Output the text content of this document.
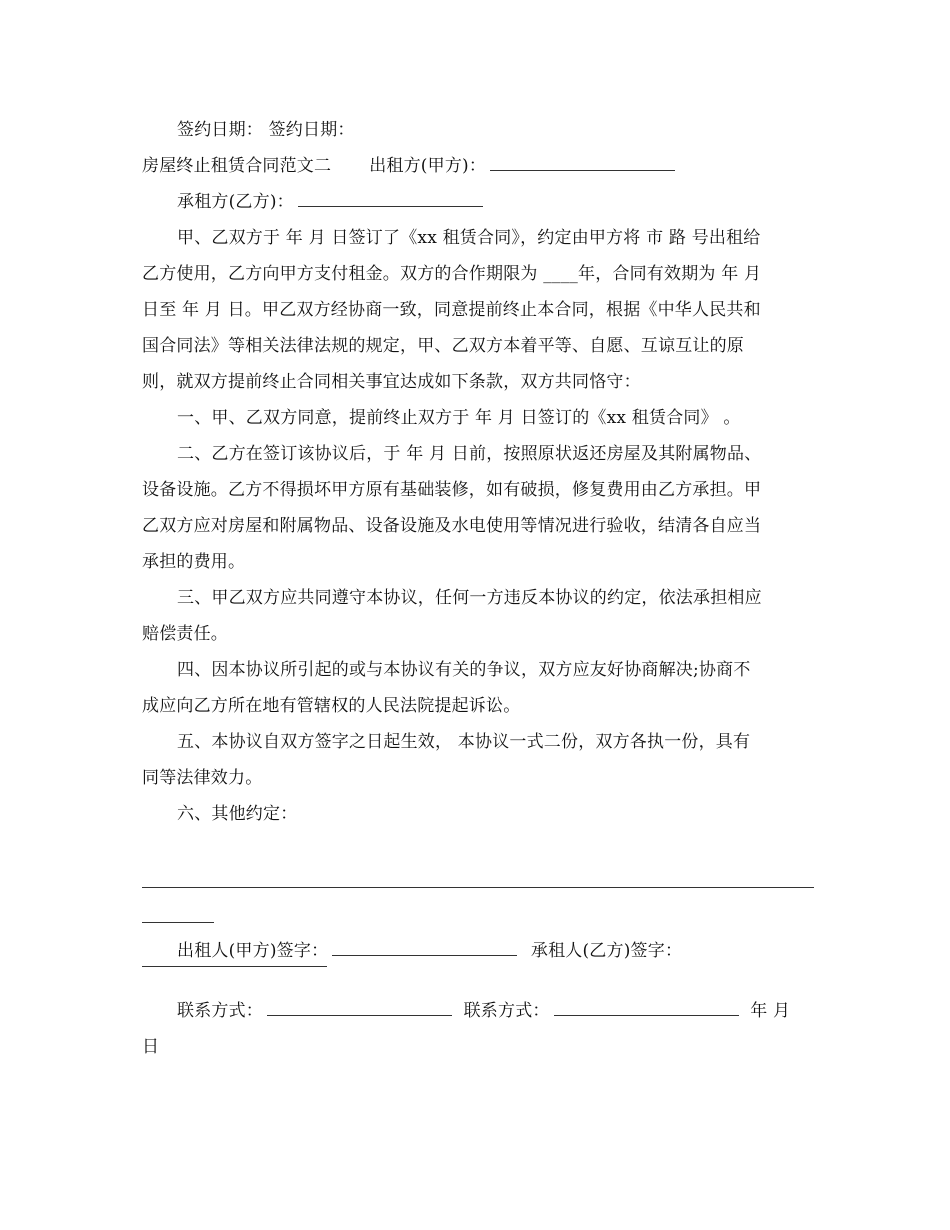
签约日期： 签约日期：
房屋终止租赁合同范文二 出租方(甲方)：
承租方(乙方)：
甲、乙双方于 年 月 日签订了《xx 租赁合同》，约定由甲方将 市 路 号出租给
乙方使用，乙方向甲方支付租金。双方的合作期限为 ____年，合同有效期为 年 月
日至 年 月 日。甲乙双方经协商一致，同意提前终止本合同，根据《中华人民共和
国合同法》等相关法律法规的规定，甲、乙双方本着平等、自愿、互谅互让的原
则，就双方提前终止合同相关事宜达成如下条款，双方共同恪守：
一、甲、乙双方同意，提前终止双方于 年 月 日签订的《xx 租赁合同》 。
二、乙方在签订该协议后，于 年 月 日前，按照原状返还房屋及其附属物品、
设备设施。乙方不得损坏甲方原有基础装修，如有破损，修复费用由乙方承担。甲
乙双方应对房屋和附属物品、设备设施及水电使用等情况进行验收，结清各自应当
承担的费用。
三、甲乙双方应共同遵守本协议，任何一方违反本协议的约定，依法承担相应
赔偿责任。
四、因本协议所引起的或与本协议有关的争议，双方应友好协商解决;协商不
成应向乙方所在地有管辖权的人民法院提起诉讼。
五、本协议自双方签字之日起生效， 本协议一式二份，双方各执一份，具有
同等法律效力。
六、其他约定：
出租人(甲方)签字：	承租人(乙方)签字：
联系方式：	联系方式：	年 月
日
